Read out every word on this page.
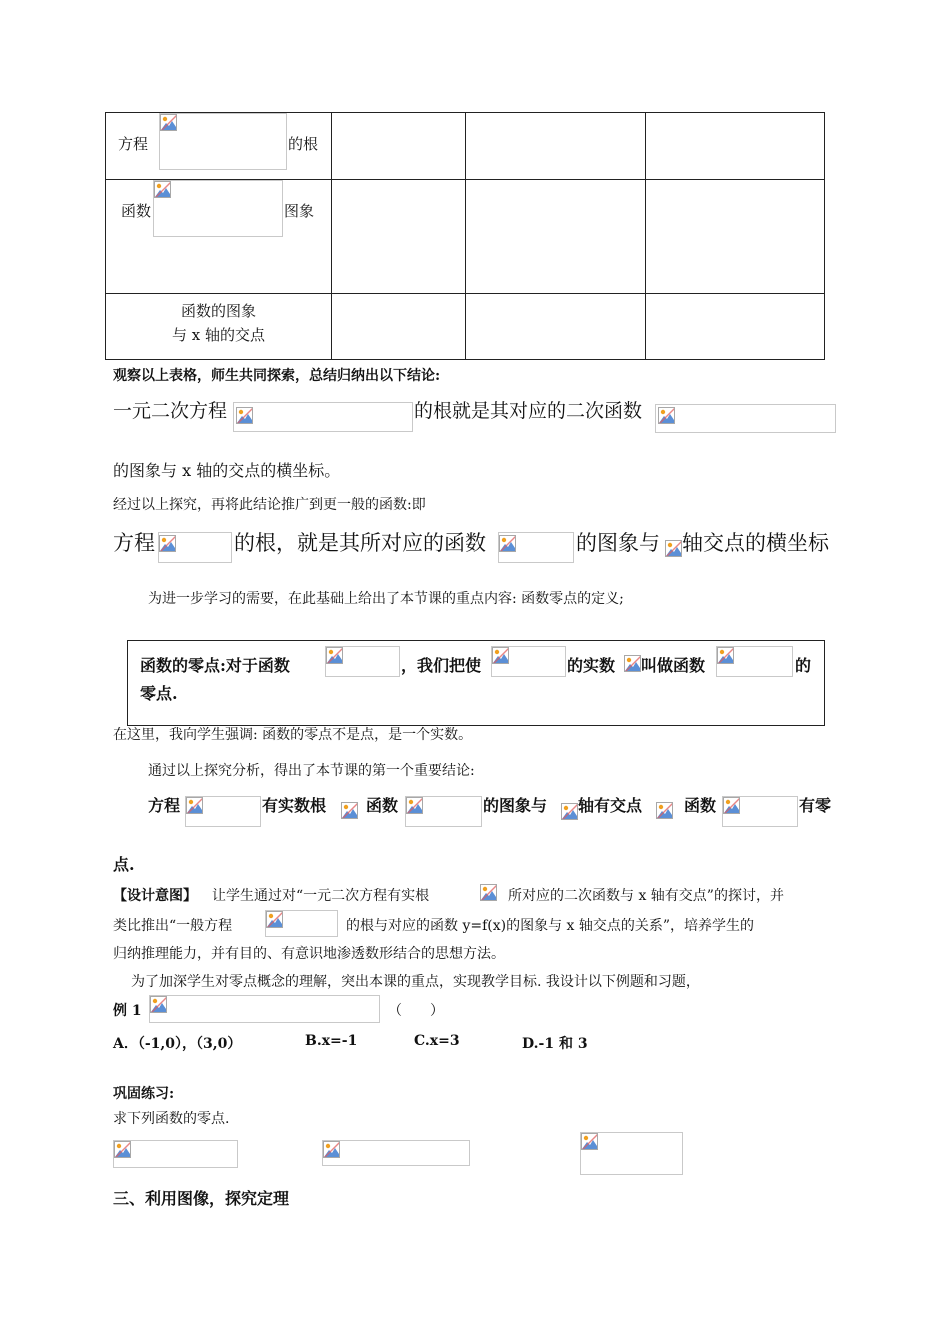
方程 的根			

函数 图象			

函数的图象
与 x 轴的交点			

观察以上表格，师生共同探索，总结归纳出以下结论:
一元二次方程	的根就是其对应的二次函数
的图象与 x 轴的交点的横坐标。
经过以上探究，再将此结论推广到更一般的函数:即
方程	的根，就是其所对应的函数	的图象与 轴交点的横坐标
为进一步学习的需要，在此基础上给出了本节课的重点内容: 函数零点的定义;
函数的零点:对于函数	，我们把使	的实数 叫做函数	的
零点.
在这里，我向学生强调: 函数的零点不是点，是一个实数。
通过以上探究分析，得出了本节课的第一个重要结论:
方程	有实数根 函数	的图象与 轴有交点	函数	有零
点.
【设计意图】 让学生通过对“一元二次方程有实根	所对应的二次函数与 x 轴有交点”的探讨，并
类比推出“一般方程	的根与对应的函数 y=f(x)的图象与 x 轴交点的关系”，培养学生的
归纳推理能力，并有目的、有意识地渗透数形结合的思想方法。
为了加深学生对零点概念的理解，突出本课的重点，实现教学目标. 我设计以下例题和习题，
例 1	（　　）
A．（-1,0），（3,0）	B.x=-1	C.x=3	D.-1 和 3
巩固练习:
求下列函数的零点.
三、利用图像，探究定理
